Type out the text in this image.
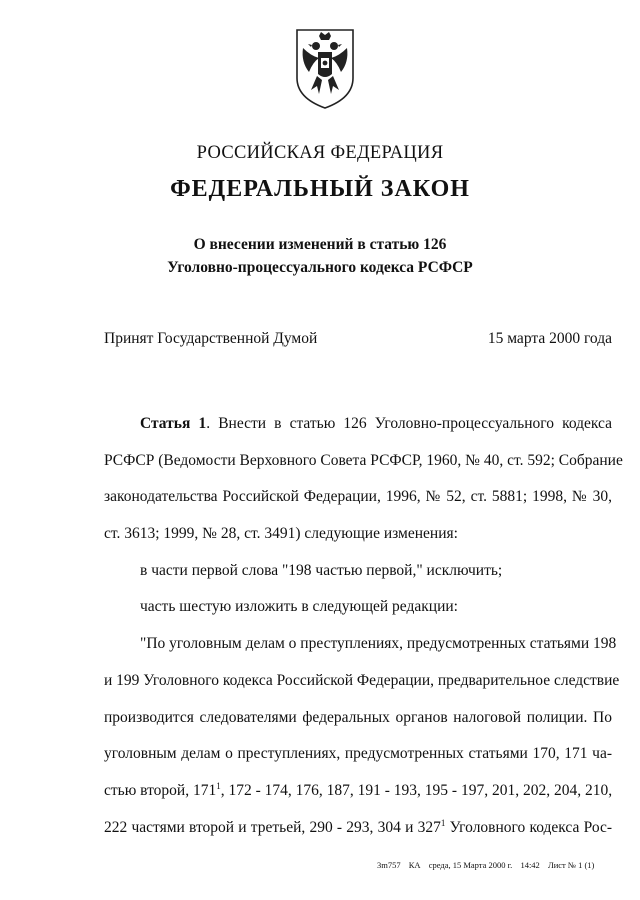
РОССИЙСКАЯ ФЕДЕРАЦИЯ
ФЕДЕРАЛЬНЫЙ ЗАКОН
О внесении изменений в статью 126
Уголовно-процессуального кодекса РСФСР
Принят Государственной Думой	15 марта 2000 года
Статья 1. Внести в статью 126 Уголовно-процессуального кодекса
РСФСР (Ведомости Верховного Совета РСФСР, 1960, № 40, ст. 592; Собрание
законодательства Российской Федерации, 1996, № 52, ст. 5881; 1998, № 30,
ст. 3613; 1999, № 28, ст. 3491) следующие изменения:
в части первой слова "198 частью первой," исключить;
часть шестую изложить в следующей редакции:
"По уголовным делам о преступлениях, предусмотренных статьями 198
и 199 Уголовного кодекса Российской Федерации, предварительное следствие
производится следователями федеральных органов налоговой полиции. По
уголовным делам о преступлениях, предусмотренных статьями 170, 171 ча-
стью второй, $171^1$, 172 - 174, 176, 187, 191 - 193, 195 - 197, 201, 202, 204, 210,
222 частями второй и третьей, 290 - 293, 304 и $327^1$ Уголовного кодекса Рос-
3m757 КА среда, 15 Марта 2000 г. 14:42 Лист № 1 (1)
